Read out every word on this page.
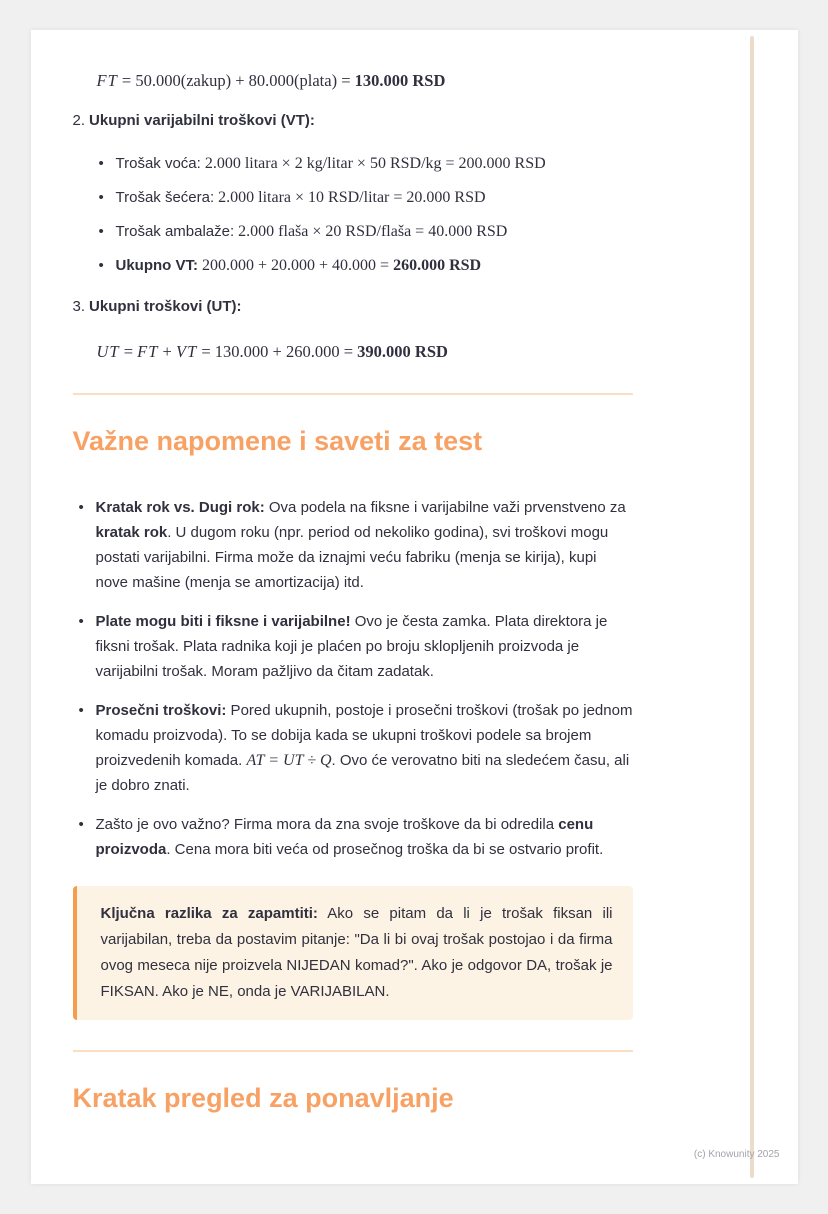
FT = 50.000(zakup) + 80.000(plata) = 130.000 RSD

2. Ukupni varijabilni troškovi (VT):
• Trošak voća: 2.000 litara × 2 kg/litar × 50 RSD/kg = 200.000 RSD
• Trošak šećera: 2.000 litara × 10 RSD/litar = 20.000 RSD
• Trošak ambalaže: 2.000 flaša × 20 RSD/flaša = 40.000 RSD
• Ukupno VT: 200.000 + 20.000 + 40.000 = 260.000 RSD
3. Ukupni troškovi (UT):

UT = FT + VT = 130.000 + 260.000 = 390.000 RSD

Važne napomene i saveti za test
• Kratak rok vs. Dugi rok: Ova podela na fiksne i varijabilne važi prvenstveno za kratak rok. U dugom roku (npr. period od nekoliko godina), svi troškovi mogu postati varijabilni. Firma može da iznajmi veću fabriku (menja se kirija), kupi nove mašine (menja se amortizacija) itd.
• Plate mogu biti i fiksne i varijabilne! Ovo je česta zamka. Plata direktora je fiksni trošak. Plata radnika koji je plaćen po broju sklopljenih proizvoda je varijabilni trošak. Moram pažljivo da čitam zadatak.
• Prosečni troškovi: Pored ukupnih, postoje i prosečni troškovi (trošak po jednom komadu proizvoda). To se dobija kada se ukupni troškovi podele sa brojem proizvedenih komada. AT = UT ÷ Q. Ovo će verovatno biti na sledećem času, ali je dobro znati.
• Zašto je ovo važno? Firma mora da zna svoje troškove da bi odredila cenu proizvoda. Cena mora biti veća od prosečnog troška da bi se ostvario profit.
Ključna razlika za zapamtiti: Ako se pitam da li je trošak fiksan ili varijabilan, treba da postavim pitanje: "Da li bi ovaj trošak postojao i da firma ovog meseca nije proizvela NIJEDAN komad?". Ako je odgovor DA, trošak je FIKSAN. Ako je NE, onda je VARIJABILAN.
Kratak pregled za ponavljanje
(c) Knowunity 2025
